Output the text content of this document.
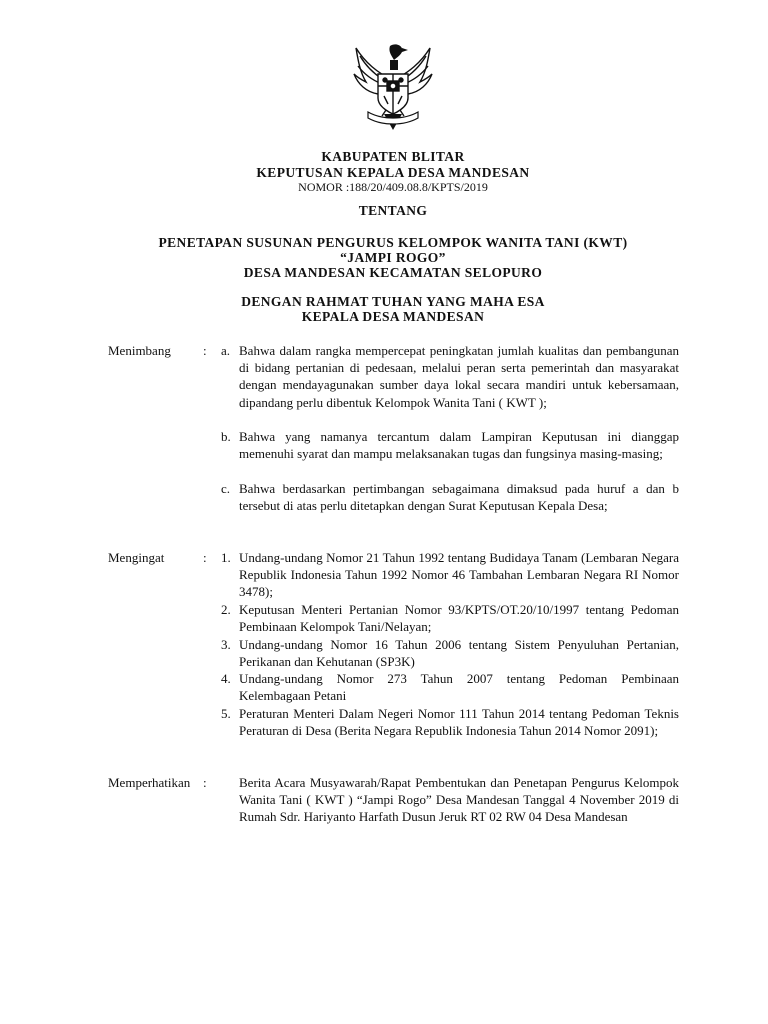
KABUPATEN BLITAR
KEPUTUSAN KEPALA DESA MANDESAN
NOMOR :188/20/409.08.8/KPTS/2019
TENTANG
PENETAPAN SUSUNAN PENGURUS KELOMPOK WANITA TANI (KWT)
“JAMPI ROGO”
DESA MANDESAN KECAMATAN SELOPURO
DENGAN RAHMAT TUHAN YANG MAHA ESA
KEPALA DESA MANDESAN
Menimbang : a. Bahwa dalam rangka mempercepat peningkatan jumlah kualitas dan pembangunan di bidang pertanian di pedesaan, melalui peran serta pemerintah dan masyarakat dengan mendayagunakan sumber daya lokal secara mandiri untuk kebersamaan, dipandang perlu dibentuk Kelompok Wanita Tani ( KWT );
b. Bahwa yang namanya tercantum dalam Lampiran Keputusan ini dianggap memenuhi syarat dan mampu melaksanakan tugas dan fungsinya masing-masing;
c. Bahwa berdasarkan pertimbangan sebagaimana dimaksud pada huruf a dan b tersebut di atas perlu ditetapkan dengan Surat Keputusan Kepala Desa;
Mengingat	: 1. Undang-undang Nomor 21 Tahun 1992 tentang Budidaya Tanam (Lembaran Negara Republik Indonesia Tahun 1992 Nomor 46 Tambahan Lembaran Negara RI Nomor 3478);
2. Keputusan Menteri Pertanian Nomor 93/KPTS/OT.20/10/1997 tentang Pedoman Pembinaan Kelompok Tani/Nelayan;
3. Undang-undang Nomor 16 Tahun 2006 tentang Sistem Penyuluhan Pertanian, Perikanan dan Kehutanan (SP3K)
4. Undang-undang Nomor 273 Tahun 2007 tentang Pedoman Pembinaan Kelembagaan Petani
5. Peraturan Menteri Dalam Negeri Nomor 111 Tahun 2014 tentang Pedoman Teknis Peraturan di Desa (Berita Negara Republik Indonesia Tahun 2014 Nomor 2091);
Memperhatikan : Berita Acara Musyawarah/Rapat Pembentukan dan Penetapan Pengurus Kelompok Wanita Tani ( KWT ) “Jampi Rogo” Desa Mandesan Tanggal 4 November 2019 di Rumah Sdr. Hariyanto Harfath Dusun Jeruk RT 02 RW 04 Desa Mandesan
